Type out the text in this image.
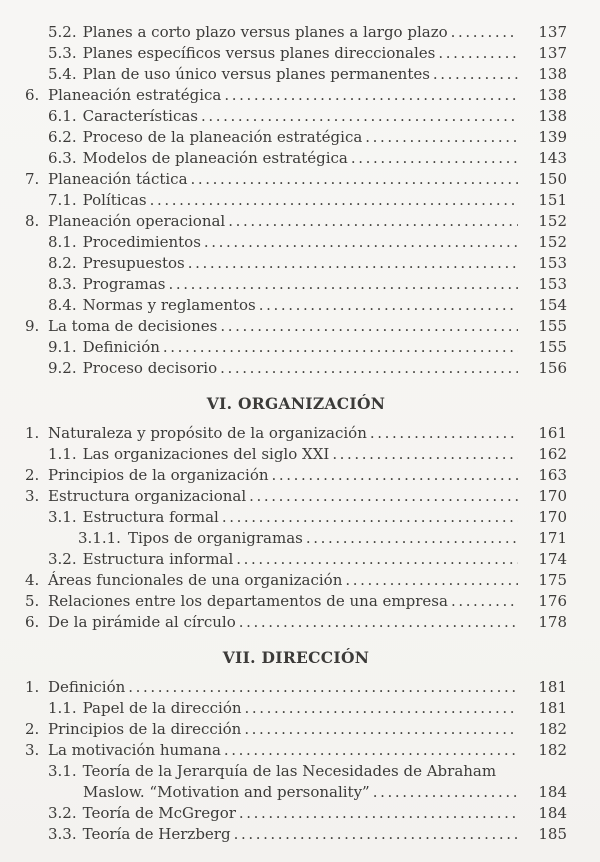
5.2. Planes a corto plazo versus planes a largo plazo .....	137
5.3. Planes específicos versus planes direccionales .....	137
5.4. Plan de uso único versus planes permanentes .....	138
6. Planeación estratégica .....	138
6.1. Características .....	138
6.2. Proceso de la planeación estratégica .....	139
6.3. Modelos de planeación estratégica .....	143
7. Planeación táctica .....	150
7.1. Políticas .....	151
8. Planeación operacional .....	152
8.1. Procedimientos .....	152
8.2. Presupuestos .....	153
8.3. Programas .....	153
8.4. Normas y reglamentos .....	154
9. La toma de decisiones .....	155
9.1. Definición .....	155
9.2. Proceso decisorio .....	156
VI. ORGANIZACIÓN
1. Naturaleza y propósito de la organización .....	161
1.1. Las organizaciones del siglo XXI .....	162
2. Principios de la organización .....	163
3. Estructura organizacional .....	170
3.1. Estructura formal .....	170
3.1.1. Tipos de organigramas .....	171
3.2. Estructura informal .....	174
4. Áreas funcionales de una organización .....	175
5. Relaciones entre los departamentos de una empresa .....	176
6. De la pirámide al círculo .....	178
VII. DIRECCIÓN
1. Definición .....	181
1.1. Papel de la dirección .....	181
2. Principios de la dirección .....	182
3. La motivación humana .....	182
3.1. Teoría de la Jerarquía de las Necesidades de Abraham
Maslow. “Motivation and personality” .....	184
3.2. Teoría de McGregor .....	184
3.3. Teoría de Herzberg .....	185
